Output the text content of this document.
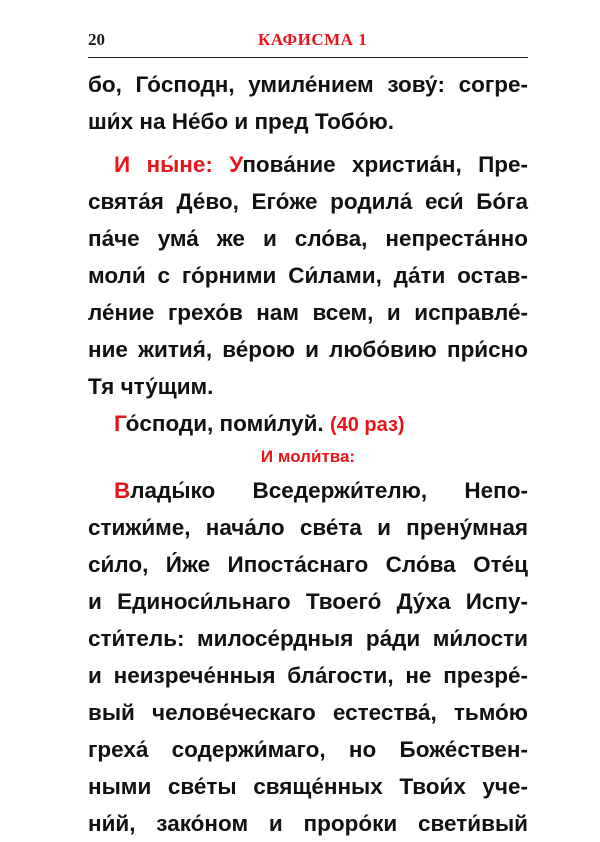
20	КАФИСМА 1
бо, Го́сподн, умиле́нием зову́: согре-
ши́х на Не́бо и пред Тобо́ю.
И ны́не: Упова́ние христиа́н, Пре-
свята́я Де́во, Его́же родила́ еси́ Бо́га
па́че ума́ же и сло́ва, непреста́нно
моли́ с го́рними Си́лами, да́ти остав-
ле́ние грехо́в нам всем, и исправле́-
ние жития́, ве́рою и любо́вию при́сно
Тя чту́щим.
Го́споди, поми́луй. (40 раз)
И моли́тва:
Влады́ко Вседержи́телю, Непо-
стижи́ме, нача́ло све́та и прену́мная
си́ло, И́же Ипоста́снаго Сло́ва Оте́ц
и Единоси́льнаго Твоего́ Ду́ха Испу-
сти́тель: милосе́рдныя ра́ди ми́лости
и неизрече́нныя бла́гости, не презре́-
вый челове́ческаго естества́, тьмо́ю
греха́ содержи́маго, но Боже́ствен-
ными све́ты свяще́нных Твои́х уче-
ни́й, зако́ном и проро́ки свети́вый
